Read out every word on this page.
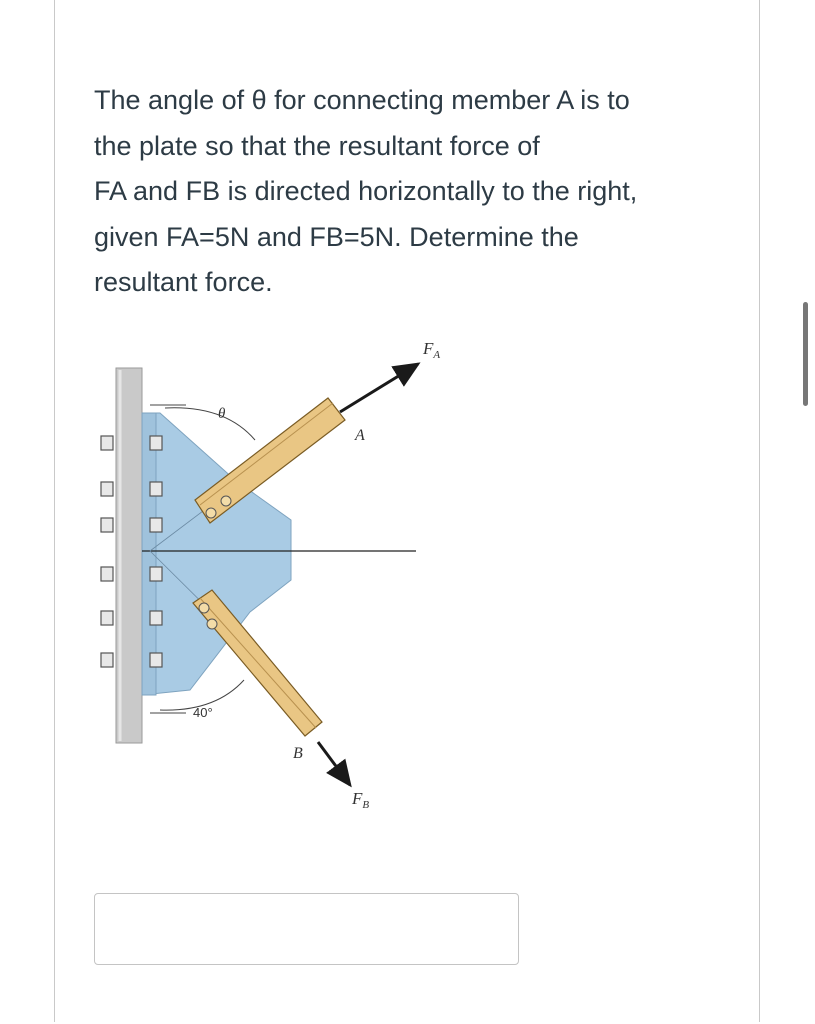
The angle of θ for connecting member A is to
the plate so that the resultant force of
FA and FB is directed horizontally to the right,
given FA=5N and FB=5N. Determine the
resultant force.
$F_A$
$F_B$
A
B
θ
40°
